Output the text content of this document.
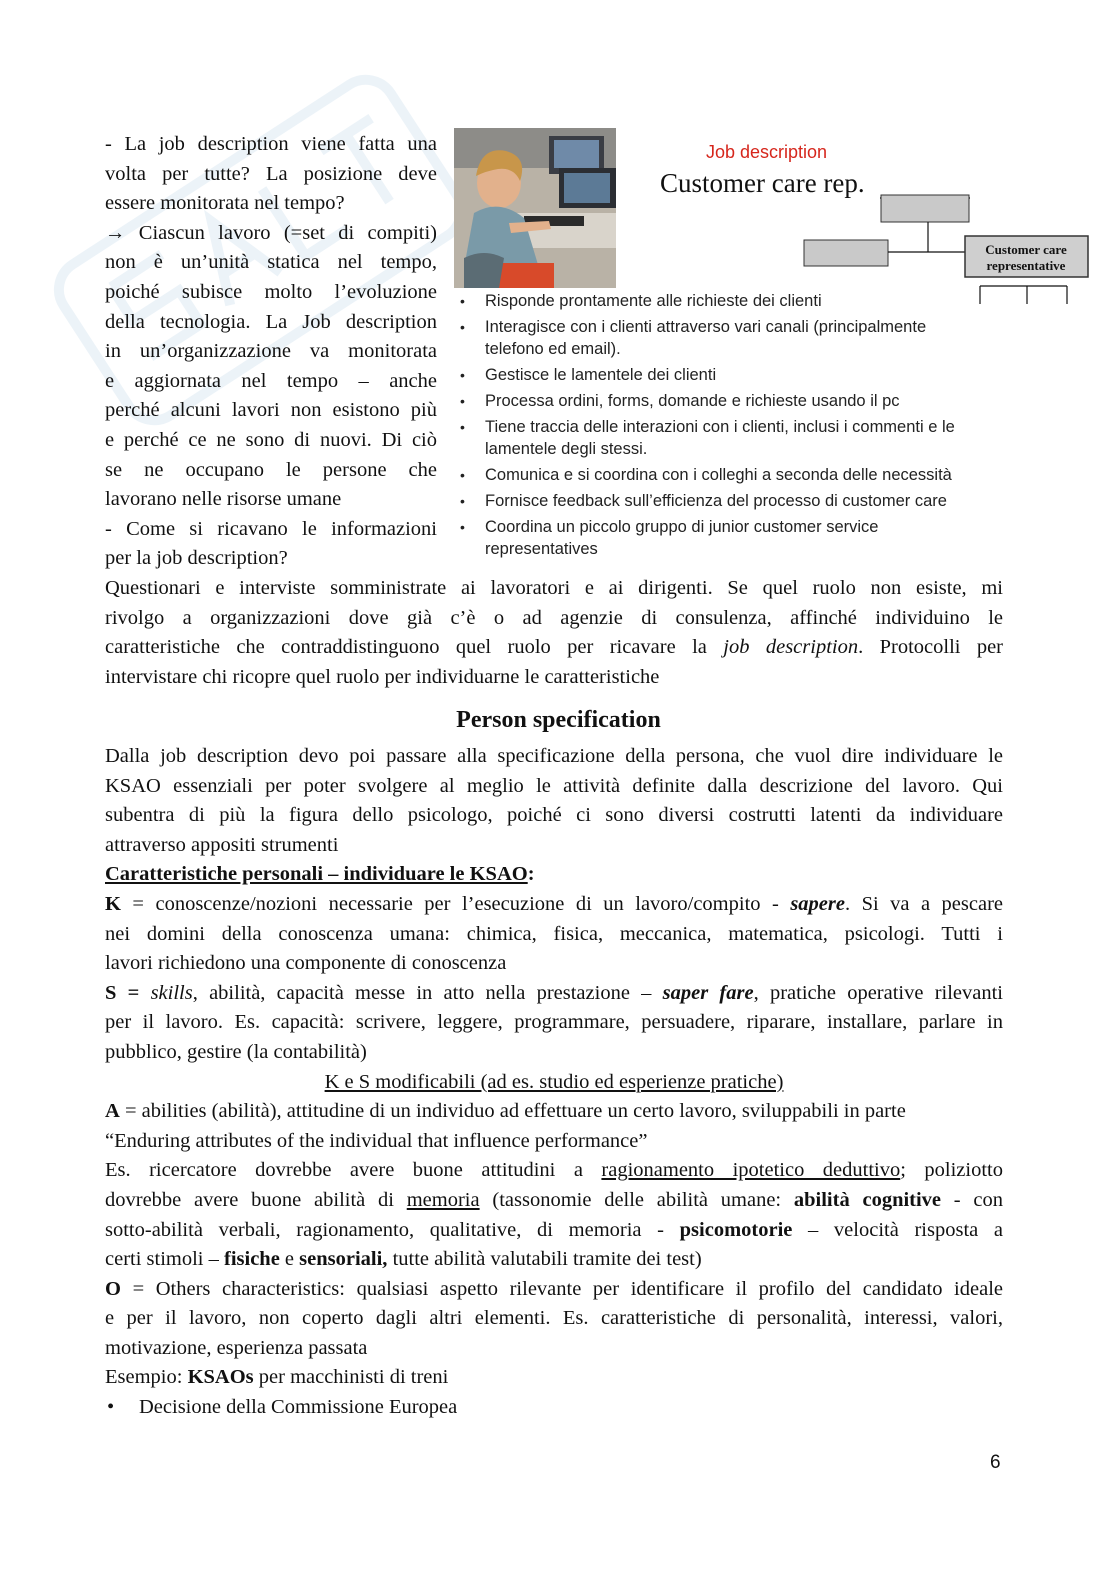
- La job description viene fatta una
volta per tutte? La posizione deve
essere monitorata nel tempo?
→ Ciascun lavoro (=set di compiti)
non è un’unità statica nel tempo,
poiché subisce molto l’evoluzione
della tecnologia. La Job description
in un’organizzazione va monitorata
e aggiornata nel tempo – anche
perché alcuni lavori non esistono più
e perché ce ne sono di nuovi. Di ciò
se ne occupano le persone che
lavorano nelle risorse umane
- Come si ricavano le informazioni
per la job description?
Job description
Customer care rep.
Customer care
representative
• Risponde prontamente alle richieste dei clienti
• Interagisce con i clienti attraverso vari canali (principalmente
telefono ed email).
• Gestisce le lamentele dei clienti
• Processa ordini, forms, domande e richieste usando il pc
• Tiene traccia delle interazioni con i clienti, inclusi i commenti e le
lamentele degli stessi.
• Comunica e si coordina con i colleghi a seconda delle necessità
• Fornisce feedback sull’efficienza del processo di customer care
• Coordina un piccolo gruppo di junior customer service
representatives
Questionari e interviste somministrate ai lavoratori e ai dirigenti. Se quel ruolo non esiste, mi
rivolgo a organizzazioni dove già c’è o ad agenzie di consulenza, affinché individuino le
caratteristiche che contraddistinguono quel ruolo per ricavare la job description. Protocolli per
intervistare chi ricopre quel ruolo per individuarne le caratteristiche
Person specification
Dalla job description devo poi passare alla specificazione della persona, che vuol dire individuare le
KSAO essenziali per poter svolgere al meglio le attività definite dalla descrizione del lavoro. Qui
subentra di più la figura dello psicologo, poiché ci sono diversi costrutti latenti da individuare
attraverso appositi strumenti
Caratteristiche personali – individuare le KSAO:
K = conoscenze/nozioni necessarie per l’esecuzione di un lavoro/compito - sapere. Si va a pescare
nei domini della conoscenza umana: chimica, fisica, meccanica, matematica, psicologi. Tutti i
lavori richiedono una componente di conoscenza
S = skills, abilità, capacità messe in atto nella prestazione – saper fare, pratiche operative rilevanti
per il lavoro. Es. capacità: scrivere, leggere, programmare, persuadere, riparare, installare, parlare in
pubblico, gestire (la contabilità)
K e S modificabili (ad es. studio ed esperienze pratiche)
A = abilities (abilità), attitudine di un individuo ad effettuare un certo lavoro, sviluppabili in parte
“Enduring attributes of the individual that influence performance”
Es. ricercatore dovrebbe avere buone attitudini a ragionamento ipotetico deduttivo; poliziotto
dovrebbe avere buone abilità di memoria (tassonomie delle abilità umane: abilità cognitive - con
sotto-abilità verbali, ragionamento, qualitative, di memoria - psicomotorie – velocità risposta a
certi stimoli – fisiche e sensoriali, tutte abilità valutabili tramite dei test)
O = Others characteristics: qualsiasi aspetto rilevante per identificare il profilo del candidato ideale
e per il lavoro, non coperto dagli altri elementi. Es. caratteristiche di personalità, interessi, valori,
motivazione, esperienza passata
Esempio: KSAOs per macchinisti di treni
• Decisione della Commissione Europea
6
